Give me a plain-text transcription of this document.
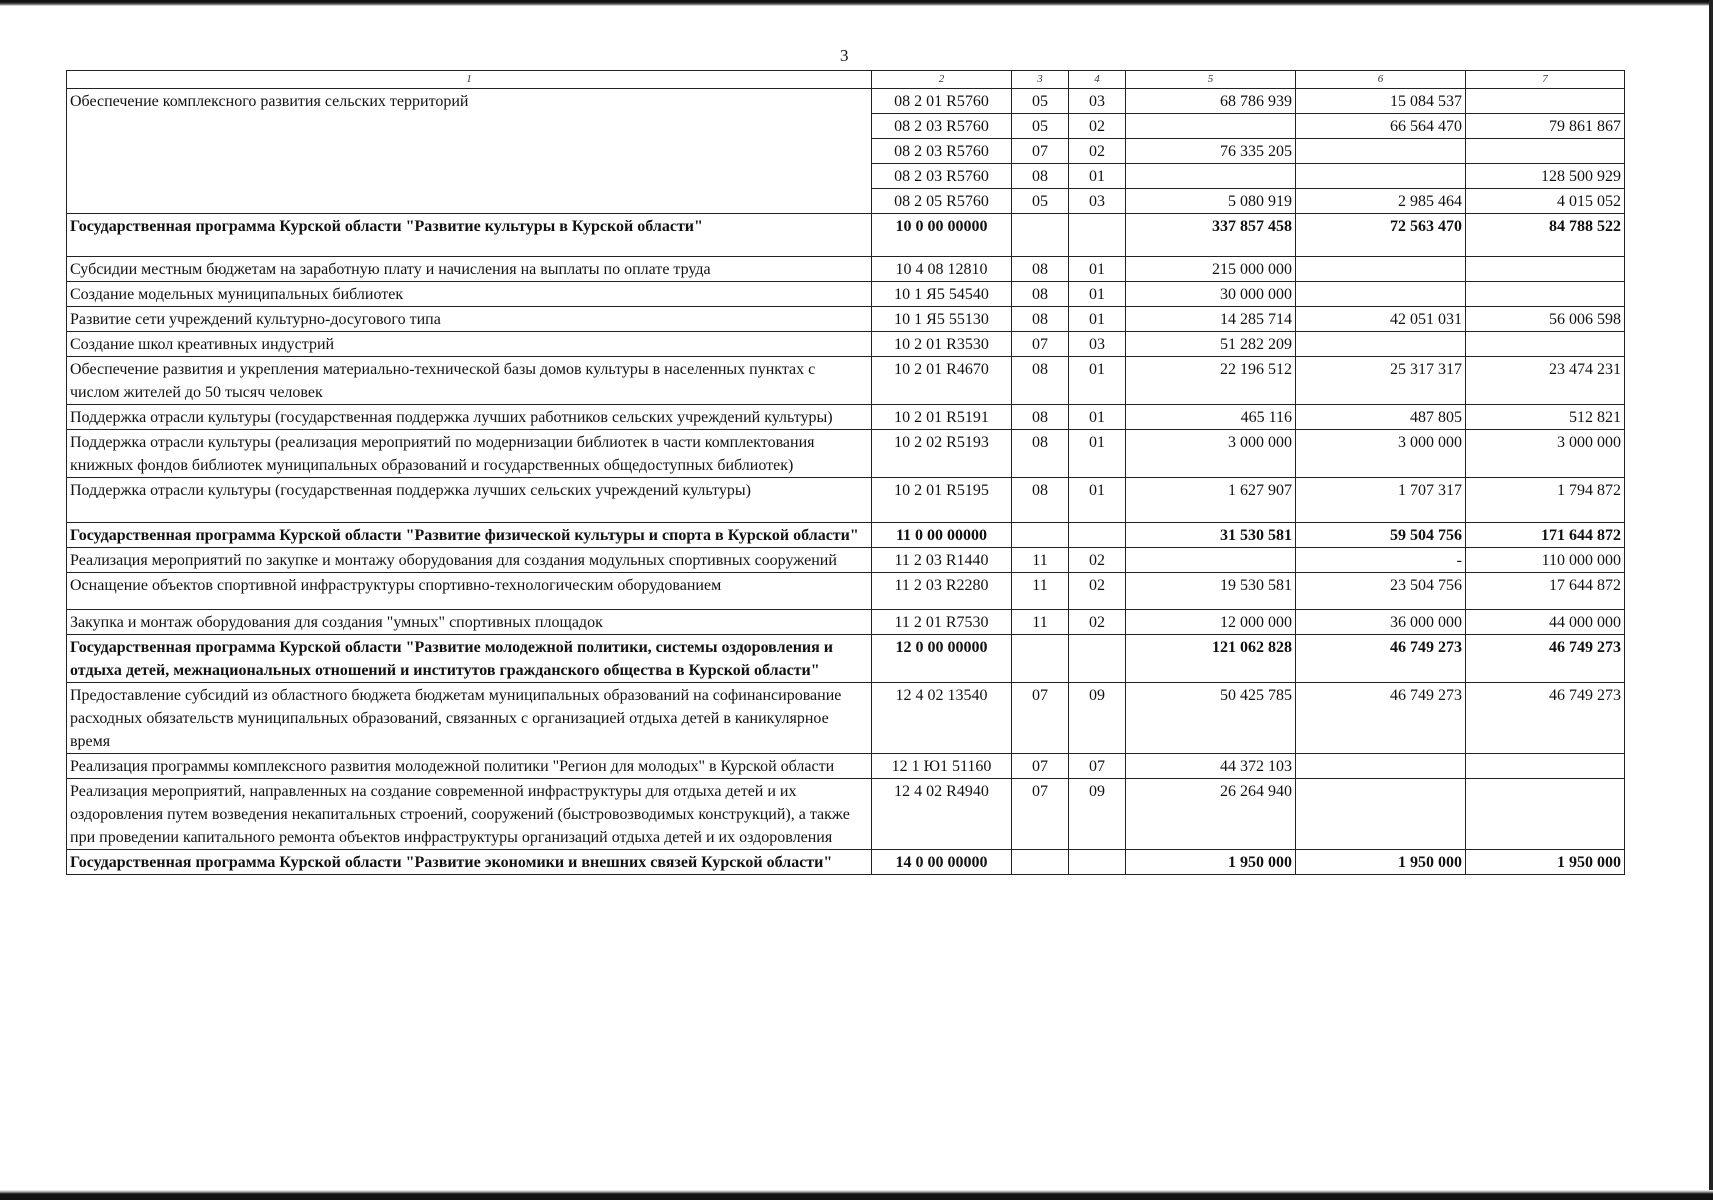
3
1	2	3	4	5	6	7
Обеспечение комплексного развития сельских территорий	08 2 01 R5760	05	03	68 786 939	15 084 537	
	08 2 03 R5760	05	02		66 564 470	79 861 867
	08 2 03 R5760	07	02	76 335 205		
	08 2 03 R5760	08	01			128 500 929
	08 2 05 R5760	05	03	5 080 919	2 985 464	4 015 052
Государственная программа Курской области "Развитие культуры в Курской области"	10 0 00 00000			337 857 458	72 563 470	84 788 522
Субсидии местным бюджетам на заработную плату и начисления на выплаты по оплате труда	10 4 08 12810	08	01	215 000 000		
Создание модельных муниципальных библиотек	10 1 Я5 54540	08	01	30 000 000		
Развитие сети учреждений культурно-досугового типа	10 1 Я5 55130	08	01	14 285 714	42 051 031	56 006 598
Создание школ креативных индустрий	10 2 01 R3530	07	03	51 282 209		
Обеспечение развития и укрепления материально-технической базы домов культуры в населенных пунктах с числом жителей до 50 тысяч человек	10 2 01 R4670	08	01	22 196 512	25 317 317	23 474 231
Поддержка отрасли культуры (государственная поддержка лучших работников сельских учреждений культуры)	10 2 01 R5191	08	01	465 116	487 805	512 821
Поддержка отрасли культуры (реализация мероприятий по модернизации библиотек в части комплектования книжных фондов библиотек муниципальных образований и государственных общедоступных библиотек)	10 2 02 R5193	08	01	3 000 000	3 000 000	3 000 000
Поддержка отрасли культуры (государственная поддержка лучших сельских учреждений культуры)	10 2 01 R5195	08	01	1 627 907	1 707 317	1 794 872
Государственная программа Курской области "Развитие физической культуры и спорта в Курской области"	11 0 00 00000			31 530 581	59 504 756	171 644 872
Реализация мероприятий по закупке и монтажу оборудования для создания модульных спортивных сооружений	11 2 03 R1440	11	02		-	110 000 000
Оснащение объектов спортивной инфраструктуры спортивно-технологическим оборудованием	11 2 03 R2280	11	02	19 530 581	23 504 756	17 644 872
Закупка и монтаж оборудования для создания "умных" спортивных площадок	11 2 01 R7530	11	02	12 000 000	36 000 000	44 000 000
Государственная программа Курской области "Развитие молодежной политики, системы оздоровления и отдыха детей, межнациональных отношений и институтов гражданского общества в Курской области"	12 0 00 00000			121 062 828	46 749 273	46 749 273
Предоставление субсидий из областного бюджета бюджетам муниципальных образований на софинансирование расходных обязательств муниципальных образований, связанных с организацией отдыха детей в каникулярное время	12 4 02 13540	07	09	50 425 785	46 749 273	46 749 273
Реализация программы комплексного развития молодежной политики "Регион для молодых" в Курской области	12 1 Ю1 51160	07	07	44 372 103		
Реализация мероприятий, направленных на создание современной инфраструктуры для отдыха детей и их оздоровления путем возведения некапитальных строений, сооружений (быстровозводимых конструкций), а также при проведении капитального ремонта объектов инфраструктуры организаций отдыха детей и их оздоровления	12 4 02 R4940	07	09	26 264 940		
Государственная программа Курской области "Развитие экономики и внешних связей Курской области"	14 0 00 00000			1 950 000	1 950 000	1 950 000
